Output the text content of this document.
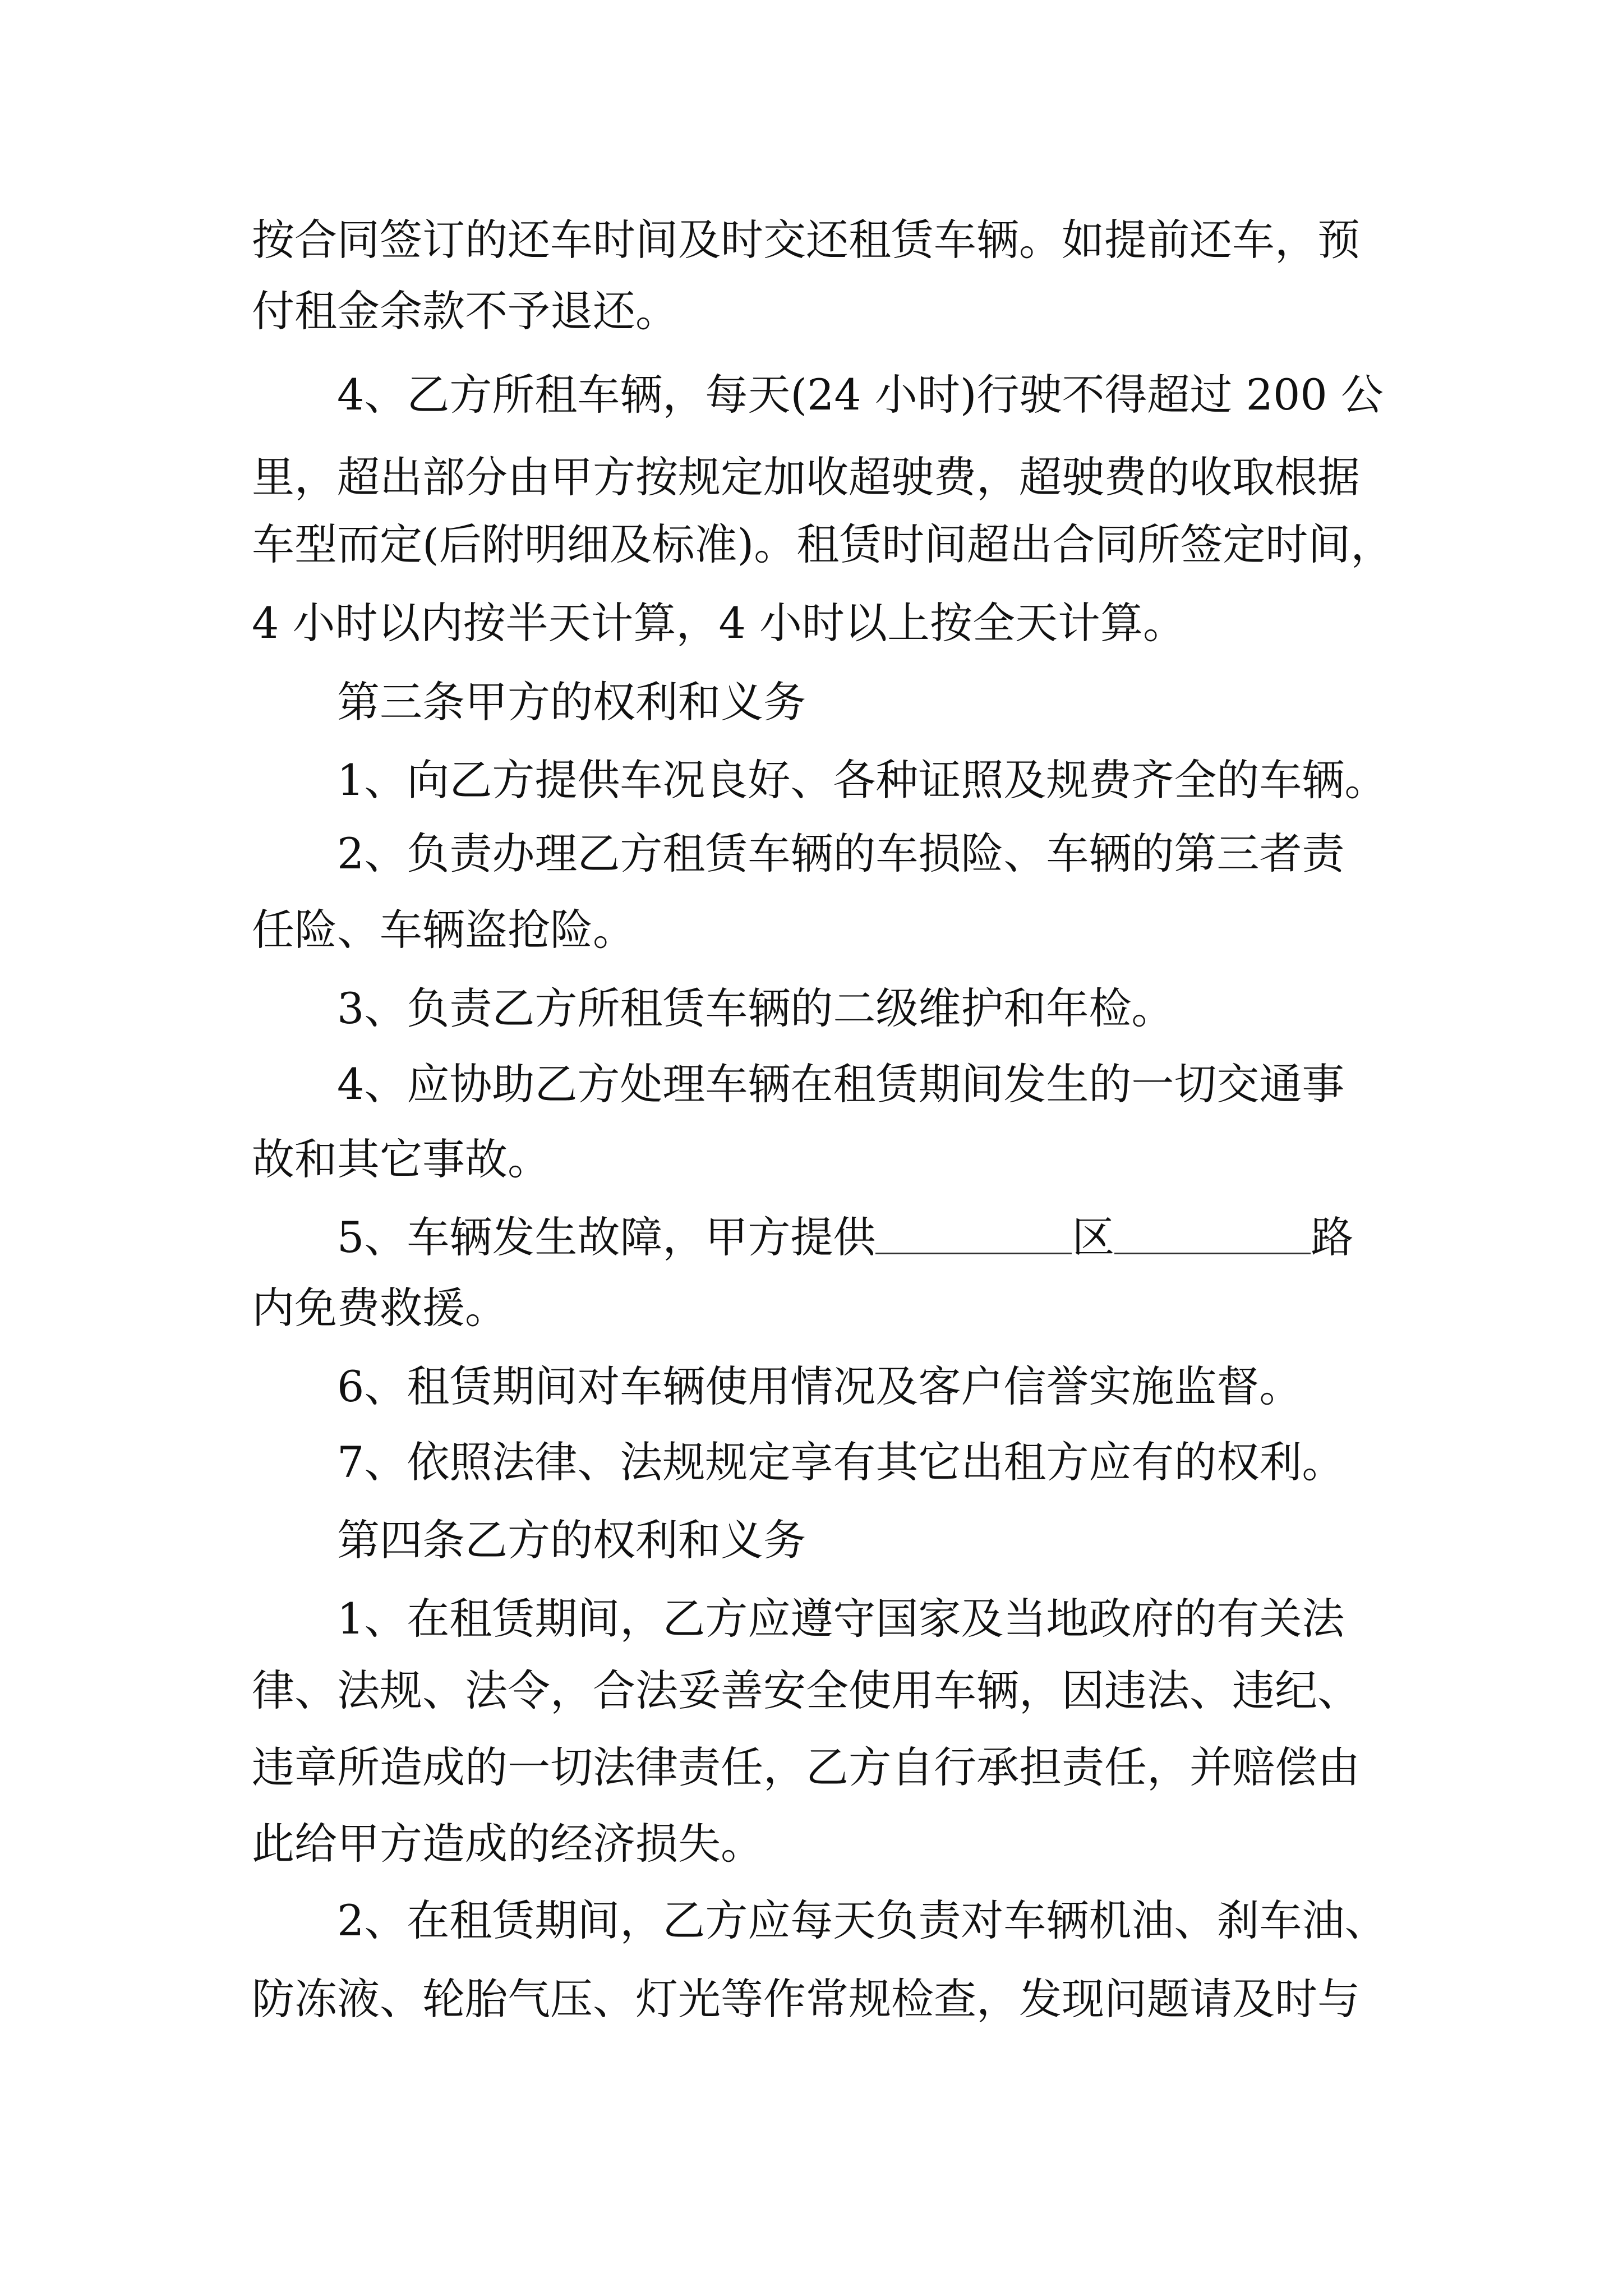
按合同签订的还车时间及时交还租赁车辆。如提前还车，预
付租金余款不予退还。
4、乙方所租车辆，每天(24 小时)行驶不得超过 200 公
里，超出部分由甲方按规定加收超驶费，超驶费的收取根据
车型而定(后附明细及标准)。租赁时间超出合同所签定时间，
4 小时以内按半天计算，4 小时以上按全天计算。
第三条甲方的权利和义务
1、向乙方提供车况良好、各种证照及规费齐全的车辆。
2、负责办理乙方租赁车辆的车损险、车辆的第三者责
任险、车辆盗抢险。
3、负责乙方所租赁车辆的二级维护和年检。
4、应协助乙方处理车辆在租赁期间发生的一切交通事
故和其它事故。
5、车辆发生故障，甲方提供	区	路
内免费救援。
6、租赁期间对车辆使用情况及客户信誉实施监督。
7、依照法律、法规规定享有其它出租方应有的权利。
第四条乙方的权利和义务
1、在租赁期间，乙方应遵守国家及当地政府的有关法
律、法规、法令，合法妥善安全使用车辆，因违法、违纪、
违章所造成的一切法律责任，乙方自行承担责任，并赔偿由
此给甲方造成的经济损失。
2、在租赁期间，乙方应每天负责对车辆机油、刹车油、
防冻液、轮胎气压、灯光等作常规检查，发现问题请及时与
